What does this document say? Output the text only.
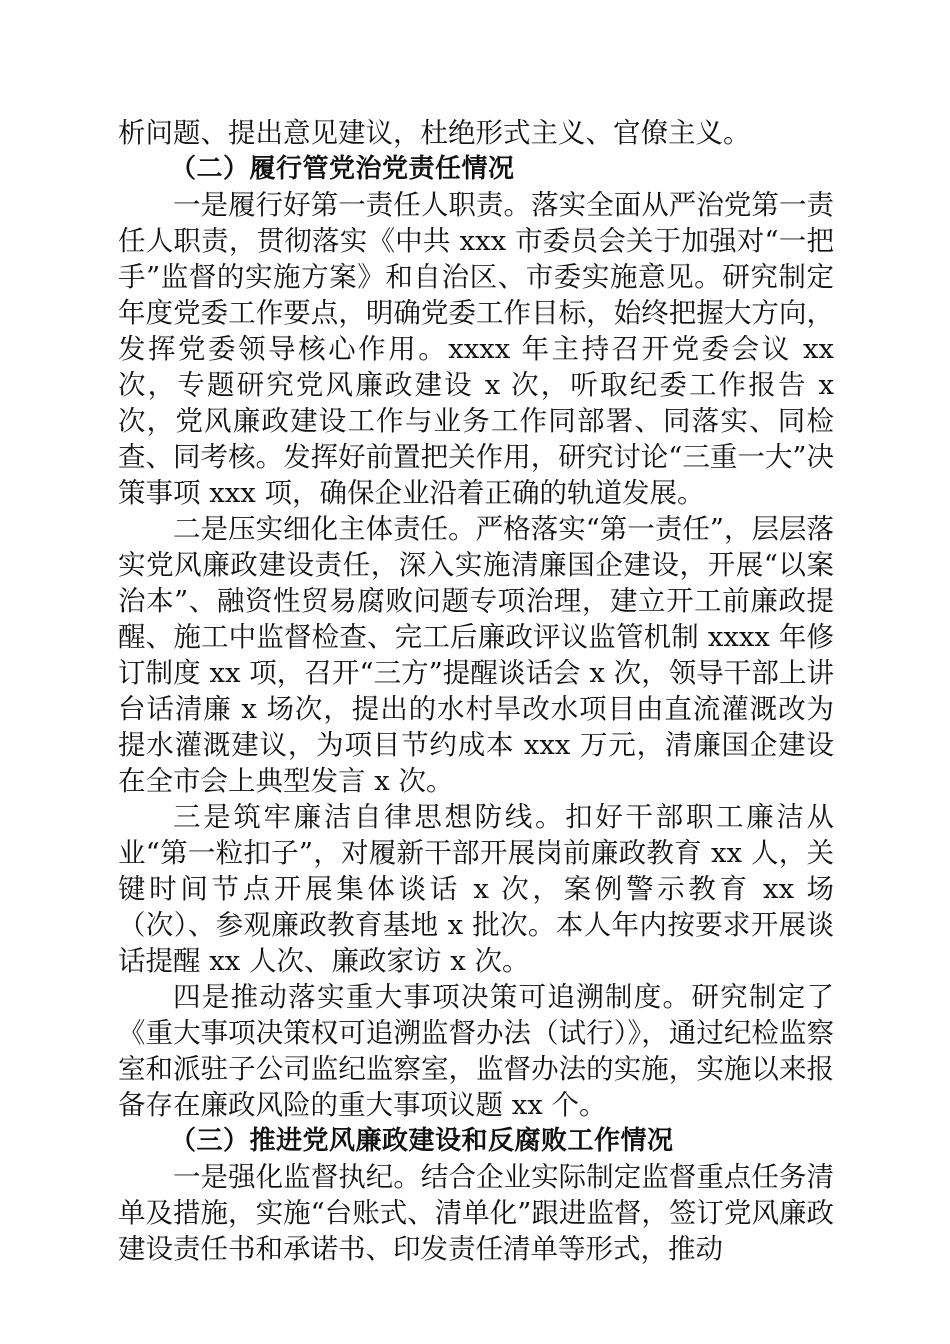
析问题、提出意见建议，杜绝形式主义、官僚主义。

（二）履行管党治党责任情况

一是履行好第一责任人职责。落实全面从严治党第一责任人职责，贯彻落实《中共 xxx 市委员会关于加强对“一把手”监督的实施方案》和自治区、市委实施意见。研究制定年度党委工作要点，明确党委工作目标，始终把握大方向，发挥党委领导核心作用。xxxx 年主持召开党委会议 xx 次，专题研究党风廉政建设 x 次，听取纪委工作报告 x 次，党风廉政建设工作与业务工作同部署、同落实、同检查、同考核。发挥好前置把关作用，研究讨论“三重一大”决策事项 xxx 项，确保企业沿着正确的轨道发展。

二是压实细化主体责任。严格落实“第一责任”，层层落实党风廉政建设责任，深入实施清廉国企建设，开展“以案治本”、融资性贸易腐败问题专项治理，建立开工前廉政提醒、施工中监督检查、完工后廉政评议监管机制 xxxx 年修订制度 xx 项，召开“三方”提醒谈话会 x 次，领导干部上讲台话清廉 x 场次，提出的水村旱改水项目由直流灌溉改为提水灌溉建议，为项目节约成本 xxx 万元，清廉国企建设在全市会上典型发言 x 次。

三是筑牢廉洁自律思想防线。扣好干部职工廉洁从业“第一粒扣子”，对履新干部开展岗前廉政教育 xx 人，关键时间节点开展集体谈话 x 次，案例警示教育 xx 场（次）、参观廉政教育基地 x 批次。本人年内按要求开展谈话提醒 xx 人次、廉政家访 x 次。

四是推动落实重大事项决策可追溯制度。研究制定了《重大事项决策权可追溯监督办法（试行）》，通过纪检监察室和派驻子公司监纪监察室，监督办法的实施，实施以来报备存在廉政风险的重大事项议题 xx 个。

（三）推进党风廉政建设和反腐败工作情况

一是强化监督执纪。结合企业实际制定监督重点任务清单及措施，实施“台账式、清单化”跟进监督，签订党风廉政建设责任书和承诺书、印发责任清单等形式，推动
